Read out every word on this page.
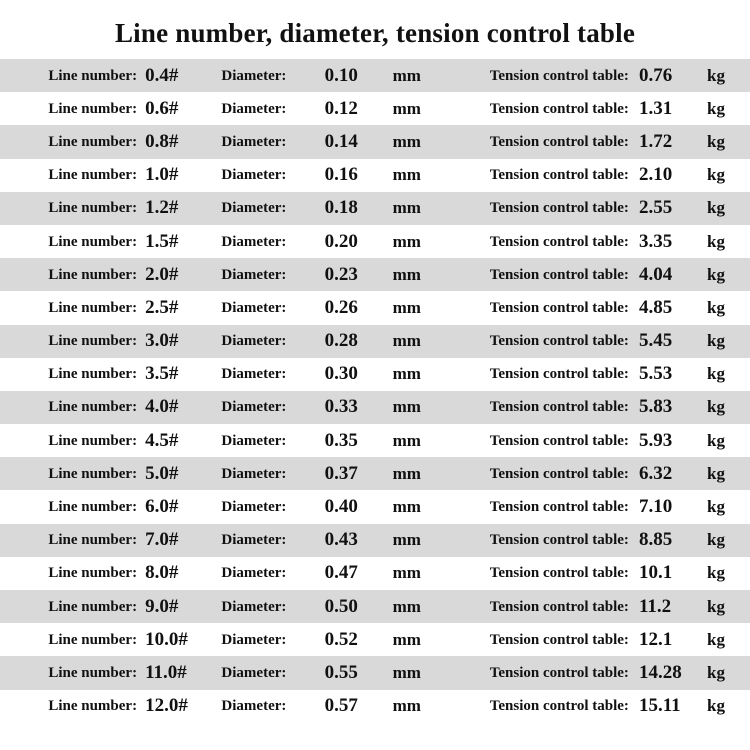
Line number, diameter, tension control table
Line number:	0.4#	Diameter:	0.10	mm	Tension control table:	0.76	kg
Line number:	0.6#	Diameter:	0.12	mm	Tension control table:	1.31	kg
Line number:	0.8#	Diameter:	0.14	mm	Tension control table:	1.72	kg
Line number:	1.0#	Diameter:	0.16	mm	Tension control table:	2.10	kg
Line number:	1.2#	Diameter:	0.18	mm	Tension control table:	2.55	kg
Line number:	1.5#	Diameter:	0.20	mm	Tension control table:	3.35	kg
Line number:	2.0#	Diameter:	0.23	mm	Tension control table:	4.04	kg
Line number:	2.5#	Diameter:	0.26	mm	Tension control table:	4.85	kg
Line number:	3.0#	Diameter:	0.28	mm	Tension control table:	5.45	kg
Line number:	3.5#	Diameter:	0.30	mm	Tension control table:	5.53	kg
Line number:	4.0#	Diameter:	0.33	mm	Tension control table:	5.83	kg
Line number:	4.5#	Diameter:	0.35	mm	Tension control table:	5.93	kg
Line number:	5.0#	Diameter:	0.37	mm	Tension control table:	6.32	kg
Line number:	6.0#	Diameter:	0.40	mm	Tension control table:	7.10	kg
Line number:	7.0#	Diameter:	0.43	mm	Tension control table:	8.85	kg
Line number:	8.0#	Diameter:	0.47	mm	Tension control table:	10.1	kg
Line number:	9.0#	Diameter:	0.50	mm	Tension control table:	11.2	kg
Line number:	10.0#	Diameter:	0.52	mm	Tension control table:	12.1	kg
Line number:	11.0#	Diameter:	0.55	mm	Tension control table:	14.28	kg
Line number:	12.0#	Diameter:	0.57	mm	Tension control table:	15.11	kg
